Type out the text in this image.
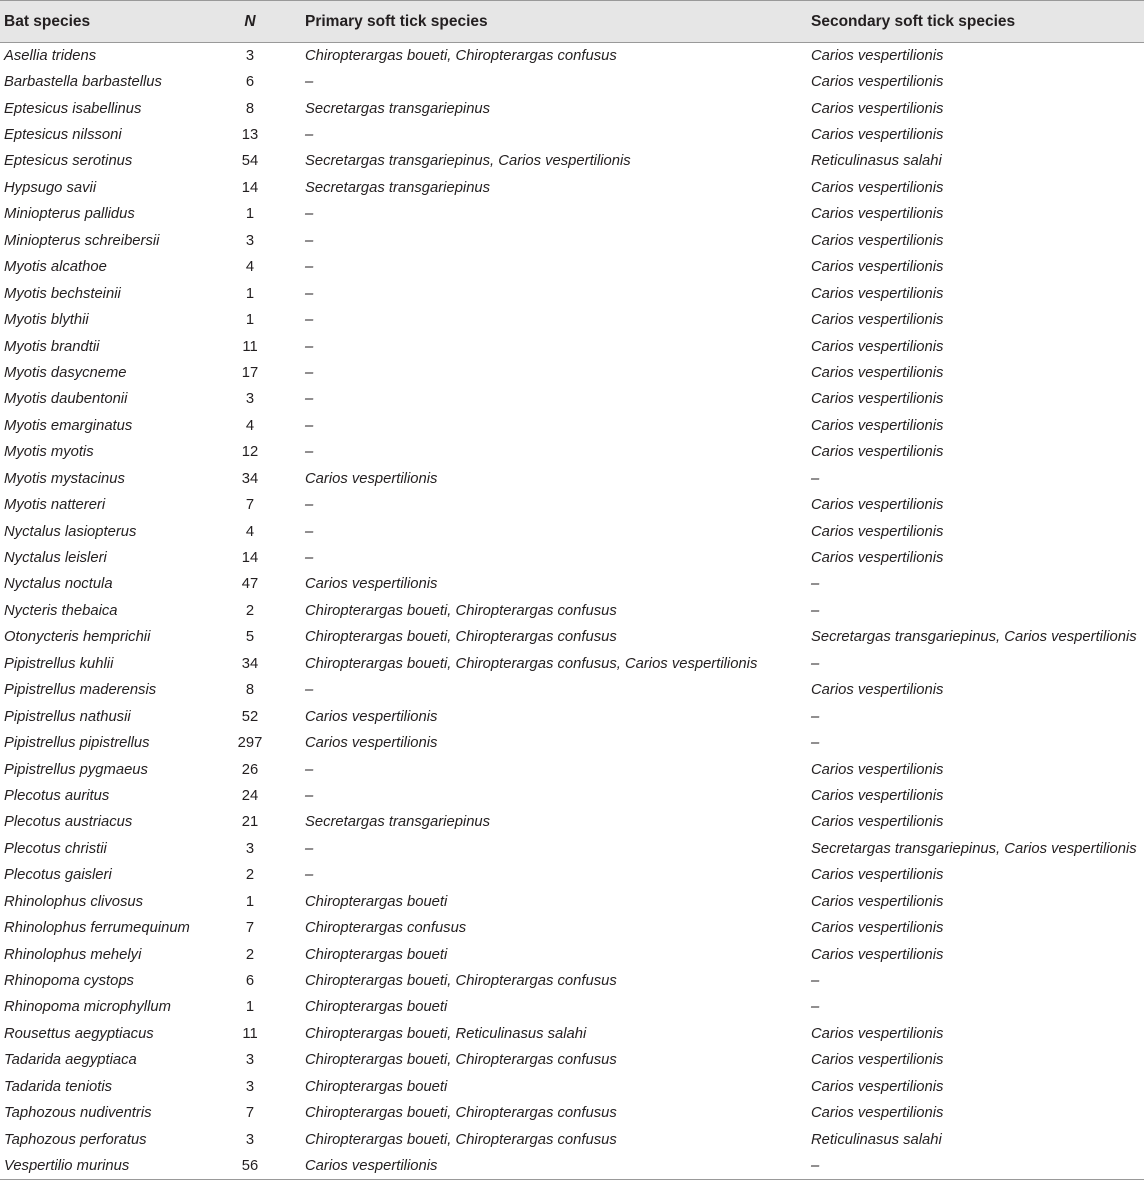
Bat species	N	Primary soft tick species	Secondary soft tick species
Asellia tridens	3	Chiropterargas boueti, Chiropterargas confusus	Carios vespertilionis
Barbastella barbastellus	6	–	Carios vespertilionis
Eptesicus isabellinus	8	Secretargas transgariepinus	Carios vespertilionis
Eptesicus nilssoni	13	–	Carios vespertilionis
Eptesicus serotinus	54	Secretargas transgariepinus, Carios vespertilionis	Reticulinasus salahi
Hypsugo savii	14	Secretargas transgariepinus	Carios vespertilionis
Miniopterus pallidus	1	–	Carios vespertilionis
Miniopterus schreibersii	3	–	Carios vespertilionis
Myotis alcathoe	4	–	Carios vespertilionis
Myotis bechsteinii	1	–	Carios vespertilionis
Myotis blythii	1	–	Carios vespertilionis
Myotis brandtii	11	–	Carios vespertilionis
Myotis dasycneme	17	–	Carios vespertilionis
Myotis daubentonii	3	–	Carios vespertilionis
Myotis emarginatus	4	–	Carios vespertilionis
Myotis myotis	12	–	Carios vespertilionis
Myotis mystacinus	34	Carios vespertilionis	–
Myotis nattereri	7	–	Carios vespertilionis
Nyctalus lasiopterus	4	–	Carios vespertilionis
Nyctalus leisleri	14	–	Carios vespertilionis
Nyctalus noctula	47	Carios vespertilionis	–
Nycteris thebaica	2	Chiropterargas boueti, Chiropterargas confusus	–
Otonycteris hemprichii	5	Chiropterargas boueti, Chiropterargas confusus	Secretargas transgariepinus, Carios vespertilionis
Pipistrellus kuhlii	34	Chiropterargas boueti, Chiropterargas confusus, Carios vespertilionis	–
Pipistrellus maderensis	8	–	Carios vespertilionis
Pipistrellus nathusii	52	Carios vespertilionis	–
Pipistrellus pipistrellus	297	Carios vespertilionis	–
Pipistrellus pygmaeus	26	–	Carios vespertilionis
Plecotus auritus	24	–	Carios vespertilionis
Plecotus austriacus	21	Secretargas transgariepinus	Carios vespertilionis
Plecotus christii	3	–	Secretargas transgariepinus, Carios vespertilionis
Plecotus gaisleri	2	–	Carios vespertilionis
Rhinolophus clivosus	1	Chiropterargas boueti	Carios vespertilionis
Rhinolophus ferrumequinum	7	Chiropterargas confusus	Carios vespertilionis
Rhinolophus mehelyi	2	Chiropterargas boueti	Carios vespertilionis
Rhinopoma cystops	6	Chiropterargas boueti, Chiropterargas confusus	–
Rhinopoma microphyllum	1	Chiropterargas boueti	–
Rousettus aegyptiacus	11	Chiropterargas boueti, Reticulinasus salahi	Carios vespertilionis
Tadarida aegyptiaca	3	Chiropterargas boueti, Chiropterargas confusus	Carios vespertilionis
Tadarida teniotis	3	Chiropterargas boueti	Carios vespertilionis
Taphozous nudiventris	7	Chiropterargas boueti, Chiropterargas confusus	Carios vespertilionis
Taphozous perforatus	3	Chiropterargas boueti, Chiropterargas confusus	Reticulinasus salahi
Vespertilio murinus	56	Carios vespertilionis	–
